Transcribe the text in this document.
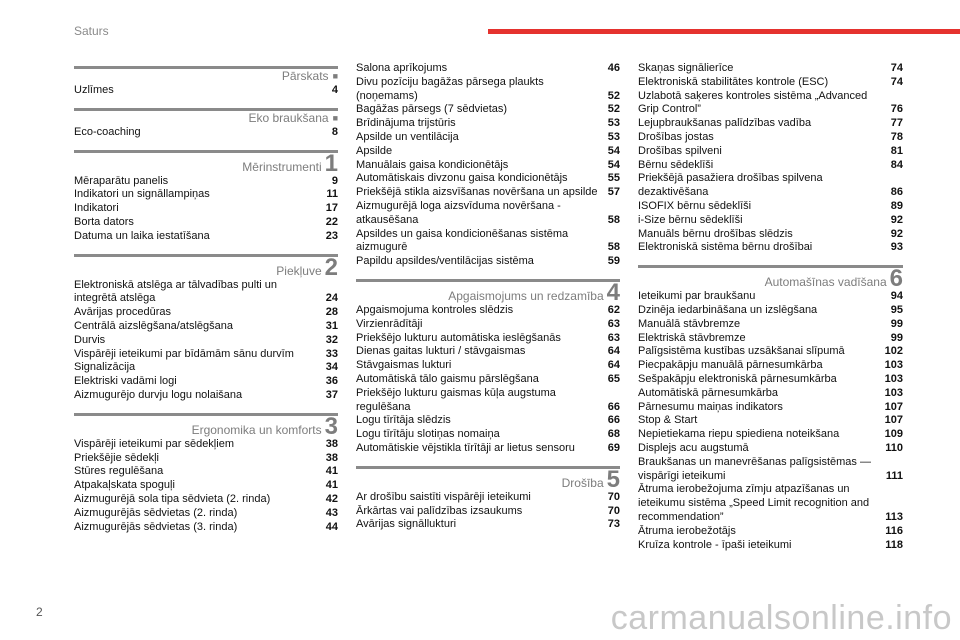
Saturs
Pārskats ■
Uzlīmes	4
Eko braukšana ■
Eco-coaching	8
Mērinstrumenti 1
Mēraparātu panelis	9
Indikatori un signāllampiņas	11
Indikatori	17
Borta dators	22
Datuma un laika iestatīšana	23
Piekļuve 2
Elektroniskā atslēga ar tālvadības pulti un integrētā atslēga	24
Avārijas procedūras	28
Centrālā aizslēgšana/atslēgšana	31
Durvis	32
Vispārēji ieteikumi par bīdāmām sānu durvīm	33
Signalizācija	34
Elektriski vadāmi logi	36
Aizmugurējo durvju logu nolaišana	37
Ergonomika un komforts 3
Vispārēji ieteikumi par sēdekļiem	38
Priekšējie sēdekļi	38
Stūres regulēšana	41
Atpakaļskata spoguļi	41
Aizmugurējā sola tipa sēdvieta (2. rinda)	42
Aizmugurējās sēdvietas (2. rinda)	43
Aizmugurējās sēdvietas (3. rinda)	44
Salona aprīkojums	46
Divu pozīciju bagāžas pārsega plaukts (noņemams)	52
Bagāžas pārsegs (7 sēdvietas)	52
Brīdinājuma trijstūris	53
Apsilde un ventilācija	53
Apsilde	54
Manuālais gaisa kondicionētājs	54
Automātiskais divzonu gaisa kondicionētājs	55
Priekšējā stikla aizsvīšanas novēršana un apsilde 57
Aizmugurējā loga aizsvīduma novēršana - atkausēšana	58
Apsildes un gaisa kondicionēšanas sistēma aizmugurē	58
Papildu apsildes/ventilācijas sistēma	59
Apgaismojums un redzamība 4
Apgaismojuma kontroles slēdzis	62
Virzienrādītāji	63
Priekšējo lukturu automātiska ieslēgšanās	63
Dienas gaitas lukturi / stāvgaismas	64
Stāvgaismas lukturi	64
Automātiskā tālo gaismu pārslēgšana	65
Priekšējo lukturu gaismas kūļa augstuma regulēšana	66
Logu tīrītāja slēdzis	66
Logu tīrītāju slotiņas nomaiņa	68
Automātiskie vējstikla tīrītāji ar lietus sensoru	69
Drošība 5
Ar drošību saistīti vispārēji ieteikumi	70
Ārkārtas vai palīdzības izsaukums	70
Avārijas signāllukturi	73
Skaņas signālierīce	74
Elektroniskā stabilitātes kontrole (ESC)	74
Uzlabotā saķeres kontroles sistēma „Advanced Grip Control”	76
Lejupbraukšanas palīdzības vadība	77
Drošības jostas	78
Drošības spilveni	81
Bērnu sēdeklīši	84
Priekšējā pasažiera drošības spilvena dezaktivēšana	86
ISOFIX bērnu sēdeklīši	89
i-Size bērnu sēdeklīši	92
Manuāls bērnu drošības slēdzis	92
Elektroniskā sistēma bērnu drošībai	93
Automašīnas vadīšana 6
Ieteikumi par braukšanu	94
Dzinēja iedarbināšana un izslēgšana	95
Manuālā stāvbremze	99
Elektriskā stāvbremze	99
Palīgsistēma kustības uzsākšanai slīpumā	102
Piecpakāpju manuālā pārnesumkārba	103
Sešpakāpju elektroniskā pārnesumkārba	103
Automātiskā pārnesumkārba	103
Pārnesumu maiņas indikators	107
Stop & Start	107
Nepietiekama riepu spiediena noteikšana	109
Displejs acu augstumā	110
Braukšanas un manevrēšanas palīgsistēmas — vispārīgi ieteikumi	111
Ātruma ierobežojuma zīmju atpazīšanas un ieteikumu sistēma „Speed Limit recognition and recommendation”	113
Ātruma ierobežotājs	116
Kruīza kontrole - īpaši ieteikumi	118
2	carmanualsonline.info
